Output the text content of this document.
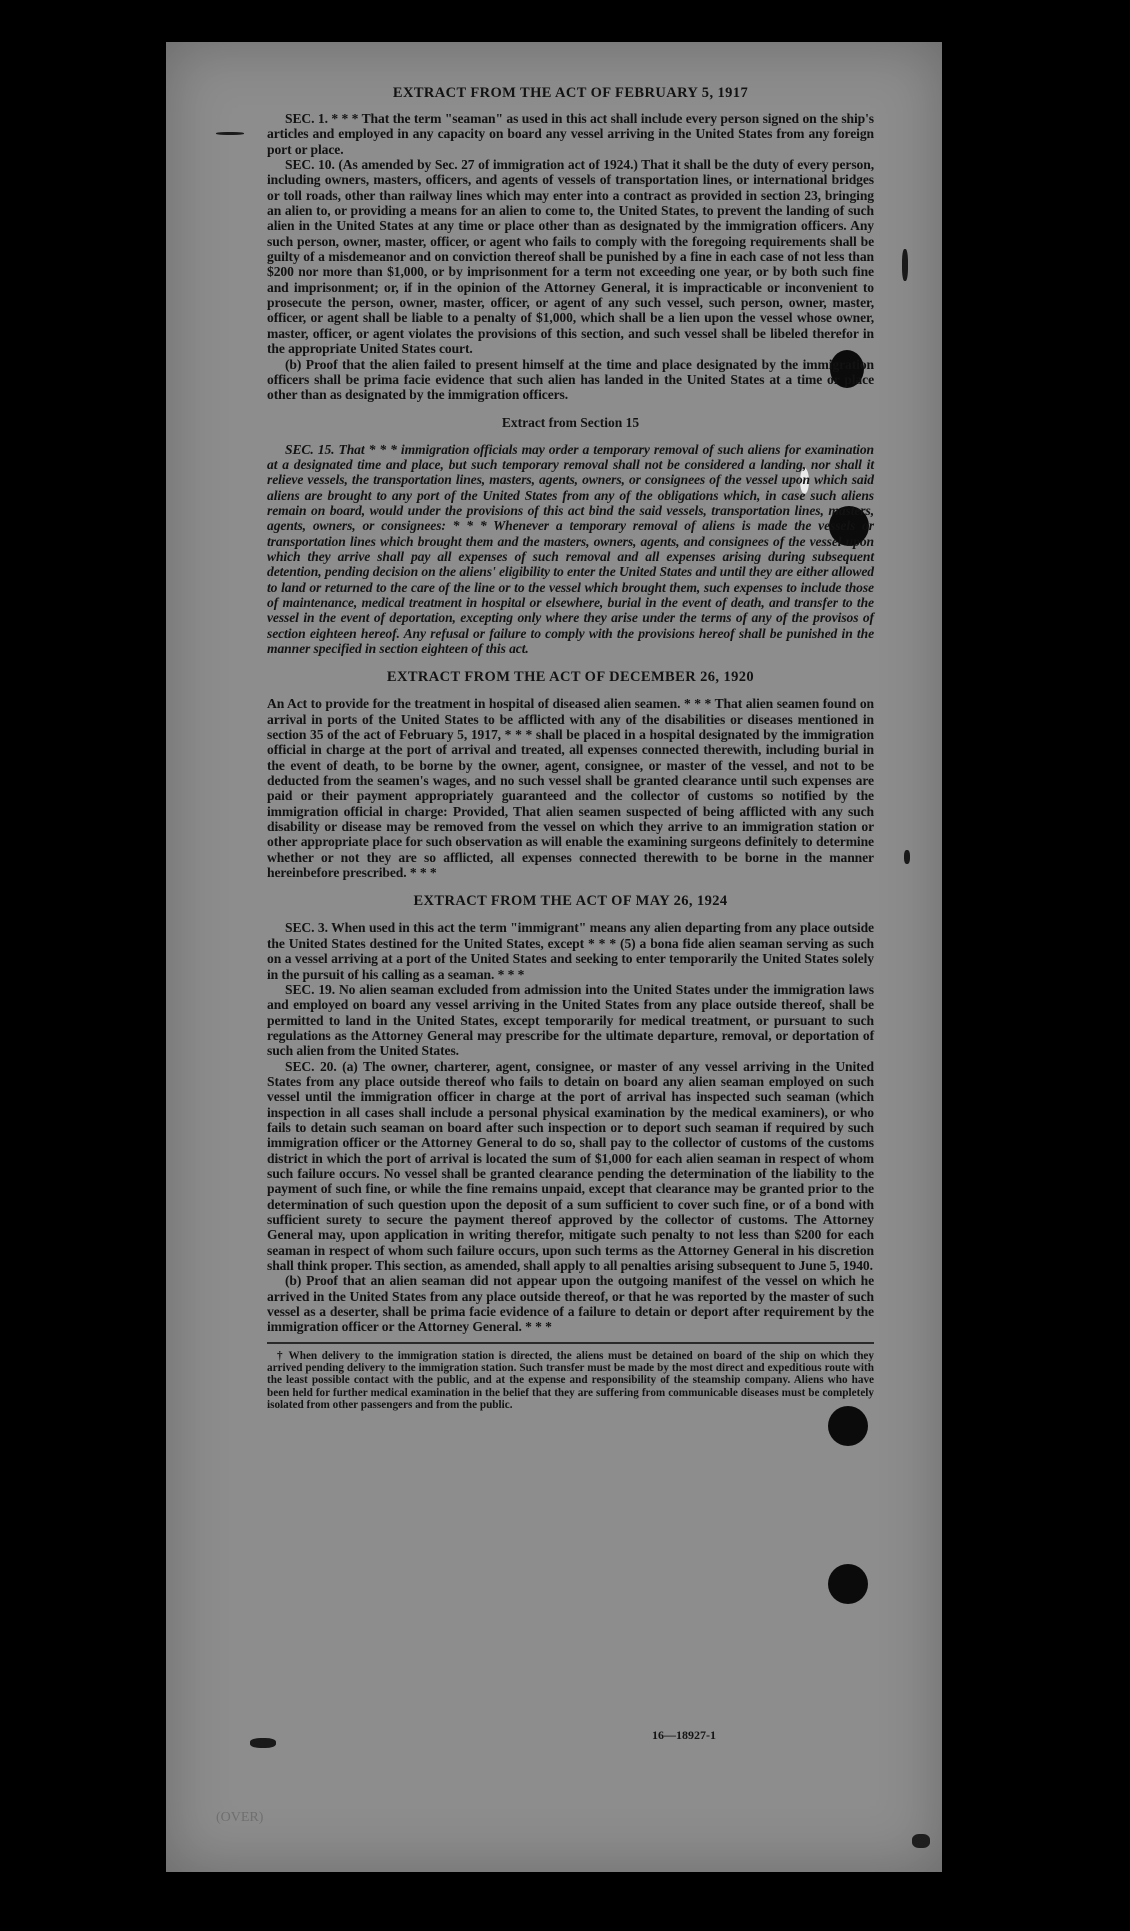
(OVER)

EXTRACT FROM THE ACT OF FEBRUARY 5, 1917

SEC. 1. * * * That the term "seaman" as used in this act shall include every person signed on the ship's articles and employed in any capacity on board any vessel arriving in the United States from any foreign port or place.

SEC. 10. (As amended by Sec. 27 of immigration act of 1924.) That it shall be the duty of every person, including owners, masters, officers, and agents of vessels of transportation lines, or international bridges or toll roads, other than railway lines which may enter into a contract as provided in section 23, bringing an alien to, or providing a means for an alien to come to, the United States, to prevent the landing of such alien in the United States at any time or place other than as designated by the immigration officers. Any such person, owner, master, officer, or agent who fails to comply with the foregoing requirements shall be guilty of a misdemeanor and on conviction thereof shall be punished by a fine in each case of not less than $200 nor more than $1,000, or by imprisonment for a term not exceeding one year, or by both such fine and imprisonment; or, if in the opinion of the Attorney General, it is impracticable or inconvenient to prosecute the person, owner, master, officer, or agent of any such vessel, such person, owner, master, officer, or agent shall be liable to a penalty of $1,000, which shall be a lien upon the vessel whose owner, master, officer, or agent violates the provisions of this section, and such vessel shall be libeled therefor in the appropriate United States court.

(b) Proof that the alien failed to present himself at the time and place designated by the immigration officers shall be prima facie evidence that such alien has landed in the United States at a time or place other than as designated by the immigration officers.

Extract from Section 15

SEC. 15. That * * * immigration officials may order a temporary removal of such aliens for examination at a designated time and place, but such temporary removal shall not be considered a landing, nor shall it relieve vessels, the transportation lines, masters, agents, owners, or consignees of the vessel upon which said aliens are brought to any port of the United States from any of the obligations which, in case such aliens remain on board, would under the provisions of this act bind the said vessels, transportation lines, masters, agents, owners, or consignees: * * * Whenever a temporary removal of aliens is made the vessels or transportation lines which brought them and the masters, owners, agents, and consignees of the vessel upon which they arrive shall pay all expenses of such removal and all expenses arising during subsequent detention, pending decision on the aliens' eligibility to enter the United States and until they are either allowed to land or returned to the care of the line or to the vessel which brought them, such expenses to include those of maintenance, medical treatment in hospital or elsewhere, burial in the event of death, and transfer to the vessel in the event of deportation, excepting only where they arise under the terms of any of the provisos of section eighteen hereof. Any refusal or failure to comply with the provisions hereof shall be punished in the manner specified in section eighteen of this act.

EXTRACT FROM THE ACT OF DECEMBER 26, 1920

An Act to provide for the treatment in hospital of diseased alien seamen. * * * That alien seamen found on arrival in ports of the United States to be afflicted with any of the disabilities or diseases mentioned in section 35 of the act of February 5, 1917, * * * shall be placed in a hospital designated by the immigration official in charge at the port of arrival and treated, all expenses connected therewith, including burial in the event of death, to be borne by the owner, agent, consignee, or master of the vessel, and not to be deducted from the seamen's wages, and no such vessel shall be granted clearance until such expenses are paid or their payment appropriately guaranteed and the collector of customs so notified by the immigration official in charge: Provided, That alien seamen suspected of being afflicted with any such disability or disease may be removed from the vessel on which they arrive to an immigration station or other appropriate place for such observation as will enable the examining surgeons definitely to determine whether or not they are so afflicted, all expenses connected therewith to be borne in the manner hereinbefore prescribed. * * *

EXTRACT FROM THE ACT OF MAY 26, 1924

SEC. 3. When used in this act the term "immigrant" means any alien departing from any place outside the United States destined for the United States, except * * * (5) a bona fide alien seaman serving as such on a vessel arriving at a port of the United States and seeking to enter temporarily the United States solely in the pursuit of his calling as a seaman. * * *

SEC. 19. No alien seaman excluded from admission into the United States under the immigration laws and employed on board any vessel arriving in the United States from any place outside thereof, shall be permitted to land in the United States, except temporarily for medical treatment, or pursuant to such regulations as the Attorney General may prescribe for the ultimate departure, removal, or deportation of such alien from the United States.

SEC. 20. (a) The owner, charterer, agent, consignee, or master of any vessel arriving in the United States from any place outside thereof who fails to detain on board any alien seaman employed on such vessel until the immigration officer in charge at the port of arrival has inspected such seaman (which inspection in all cases shall include a personal physical examination by the medical examiners), or who fails to detain such seaman on board after such inspection or to deport such seaman if required by such immigration officer or the Attorney General to do so, shall pay to the collector of customs of the customs district in which the port of arrival is located the sum of $1,000 for each alien seaman in respect of whom such failure occurs. No vessel shall be granted clearance pending the determination of the liability to the payment of such fine, or while the fine remains unpaid, except that clearance may be granted prior to the determination of such question upon the deposit of a sum sufficient to cover such fine, or of a bond with sufficient surety to secure the payment thereof approved by the collector of customs. The Attorney General may, upon application in writing therefor, mitigate such penalty to not less than $200 for each seaman in respect of whom such failure occurs, upon such terms as the Attorney General in his discretion shall think proper. This section, as amended, shall apply to all penalties arising subsequent to June 5, 1940.

(b) Proof that an alien seaman did not appear upon the outgoing manifest of the vessel on which he arrived in the United States from any place outside thereof, or that he was reported by the master of such vessel as a deserter, shall be prima facie evidence of a failure to detain or deport after requirement by the immigration officer or the Attorney General. * * *

† When delivery to the immigration station is directed, the aliens must be detained on board of the ship on which they arrived pending delivery to the immigration station. Such transfer must be made by the most direct and expeditious route with the least possible contact with the public, and at the expense and responsibility of the steamship company. Aliens who have been held for further medical examination in the belief that they are suffering from communicable diseases must be completely isolated from other passengers and from the public.

16—18927-1
